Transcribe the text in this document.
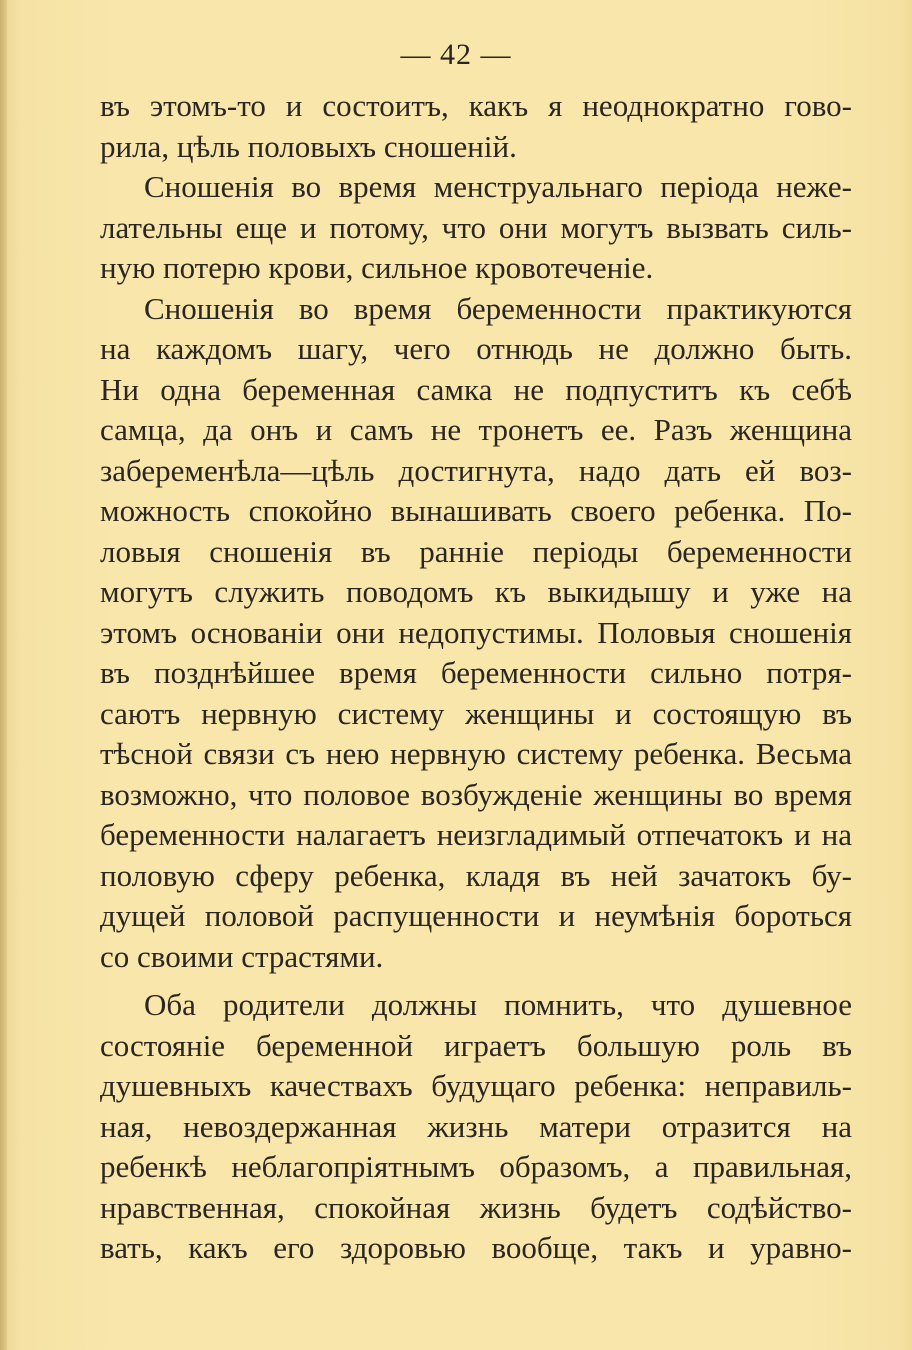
— 42 —
въ этомъ-то и состоитъ, какъ я неоднократно гово-
рила, цѣль половыхъ сношеній.
Сношенія во время менструальнаго періода нежe-
лательны еще и потому, что они могутъ вызвать силь-
ную потерю крови, сильное кровотеченіе.
Сношенія во время беременности практикуются
на каждомъ шагу, чего отнюдь не должно быть.
Ни одна беременная самка не подпуститъ къ себѣ
самца, да онъ и самъ не тронетъ ее. Разъ женщина
забеременѣла—цѣль достигнута, надо дать ей воз-
можность спокойно вынашивать своего ребенка. По-
ловыя сношенія въ ранніе періоды беременности
могутъ служить поводомъ къ выкидышу и уже на
этомъ основаніи они недопустимы. Половыя сношенія
въ позднѣйшее время беременности сильно потря-
саютъ нервную систему женщины и состоящую въ
тѣсной связи съ нею нервную систему ребенка. Весьма
возможно, что половое возбужденіе женщины во время
беременности налагаетъ неизгладимый отпечатокъ и на
половую сферу ребенка, кладя въ ней зачатокъ бу-
дущей половой распущенности и неумѣнія бороться
со своими страстями.
Оба родители должны помнить, что душевное
состояніе беременной играетъ большую роль въ
душевныхъ качествахъ будущаго ребенка: неправиль-
ная, невоздержанная жизнь матери отразится на
ребенкѣ неблагопріятнымъ образомъ, а правильная,
нравственная, спокойная жизнь будетъ содѣйство-
вать, какъ его здоровью вообще, такъ и уравно-
